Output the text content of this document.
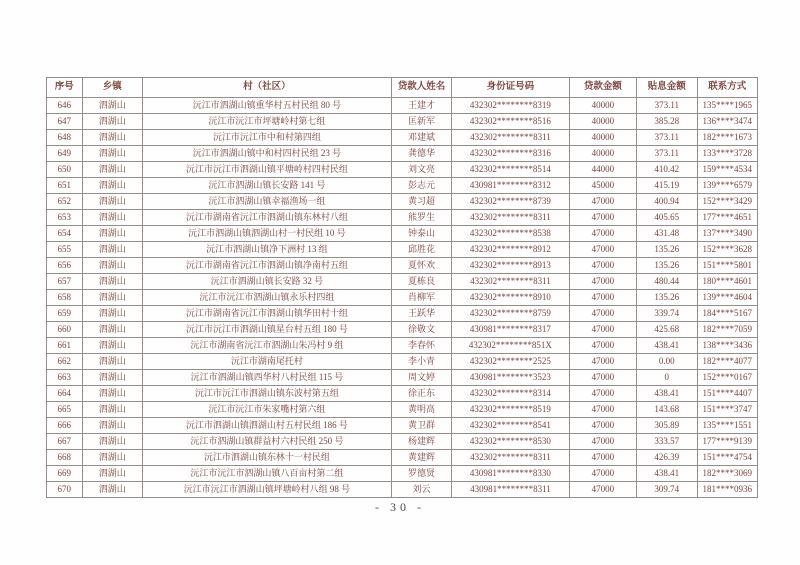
序号	乡镇	村（社区）	贷款人姓名	身份证号码	贷款金额	贴息金额	联系方式
646	泗湖山	沅江市泗湖山镇重华村五村民组 80 号	王建才	432302********8319	40000	373.11	135****1965
647	泗湖山	沅江市沅江市坪塘岭村第七组	匡新军	432302********8516	40000	385.28	136****3474
648	泗湖山	沅江市沅江市中和村第四组	邓建斌	432302********8311	40000	373.11	182****1673
649	泗湖山	沅江市泗湖山镇中和村四村民组 23 号	龚德华	432302********8316	40000	373.11	133****3728
650	泗湖山	沅江市沅江市泗湖山镇平塘岭村四村民组	刘文亮	432302********8514	44000	410.42	159****4534
651	泗湖山	沅江市泗湖山镇长安路 141 号	彭志元	430981********8312	45000	415.19	139****6579
652	泗湖山	沅江市泗湖山镇幸福渔场一组	黄习超	432302********8739	47000	400.94	152****3429
653	泗湖山	沅江市湖南省沅江市泗湖山镇东林村八组	熊罗生	432302********8311	47000	405.65	177****4651
654	泗湖山	沅江市泗湖山镇泗湖山村一村民组 10 号	钟泰山	432302********8538	47000	431.48	137****3490
655	泗湖山	沅江市泗湖山镇净下洲村 13 组	邱胜花	432302********8912	47000	135.26	152****3628
656	泗湖山	沅江市湖南省沅江市泗湖山镇净南村五组	夏怀欢	432302********8913	47000	135.26	151****5801
657	泗湖山	沅江市泗湖山镇长安路 32 号	夏栋良	432302********8311	47000	480.44	180****4601
658	泗湖山	沅江市沅江市泗湖山镇永乐村四组	肖柳军	432302********8910	47000	135.26	139****4604
659	泗湖山	沅江市湖南省沅江市泗湖山镇华田村十组	王跃华	432302********8759	47000	339.74	184****5167
660	泗湖山	沅江市沅江市泗湖山镇星台村五组 180 号	徐敬文	430981********8317	47000	425.68	182****7059
661	泗湖山	沅江市湖南省沅江市泗湖山朱冯村 9 组	李春怀	432302********851X	47000	438.41	138****3436
662	泗湖山	沅江市湖南尾托村	李小青	432302********2525	47000	0.00	182****4077
663	泗湖山	沅江市泗湖山镇西华村八村民组 115 号	周文婷	430981********3523	47000	0	152****0167
664	泗湖山	沅江市沅江市泗湖山镇东波村第五组	徐正东	432302********8314	47000	438.41	151****4407
665	泗湖山	沅江市沅江市朱家嘴村第六组	黄明高	432302********8519	47000	143.68	151****3747
666	泗湖山	沅江市泗湖山镇泗湖山村五村民组 186 号	黄卫群	432302********8541	47000	305.89	135****1551
667	泗湖山	沅江市泗湖山镇群益村六村民组 250 号	杨建辉	432302********8530	47000	333.57	177****9139
668	泗湖山	沅江市泗湖山镇东林十一村民组	黄建辉	432302********8311	47000	426.39	151****4754
669	泗湖山	沅江市沅江市泗湖山镇八百亩村第二组	罗德贤	430981********8330	47000	438.41	182****3069
670	泗湖山	沅江市沅江市泗湖山镇坪塘岭村八组 98 号	刘云	430981********8311	47000	309.74	181****0936
- 30 -
